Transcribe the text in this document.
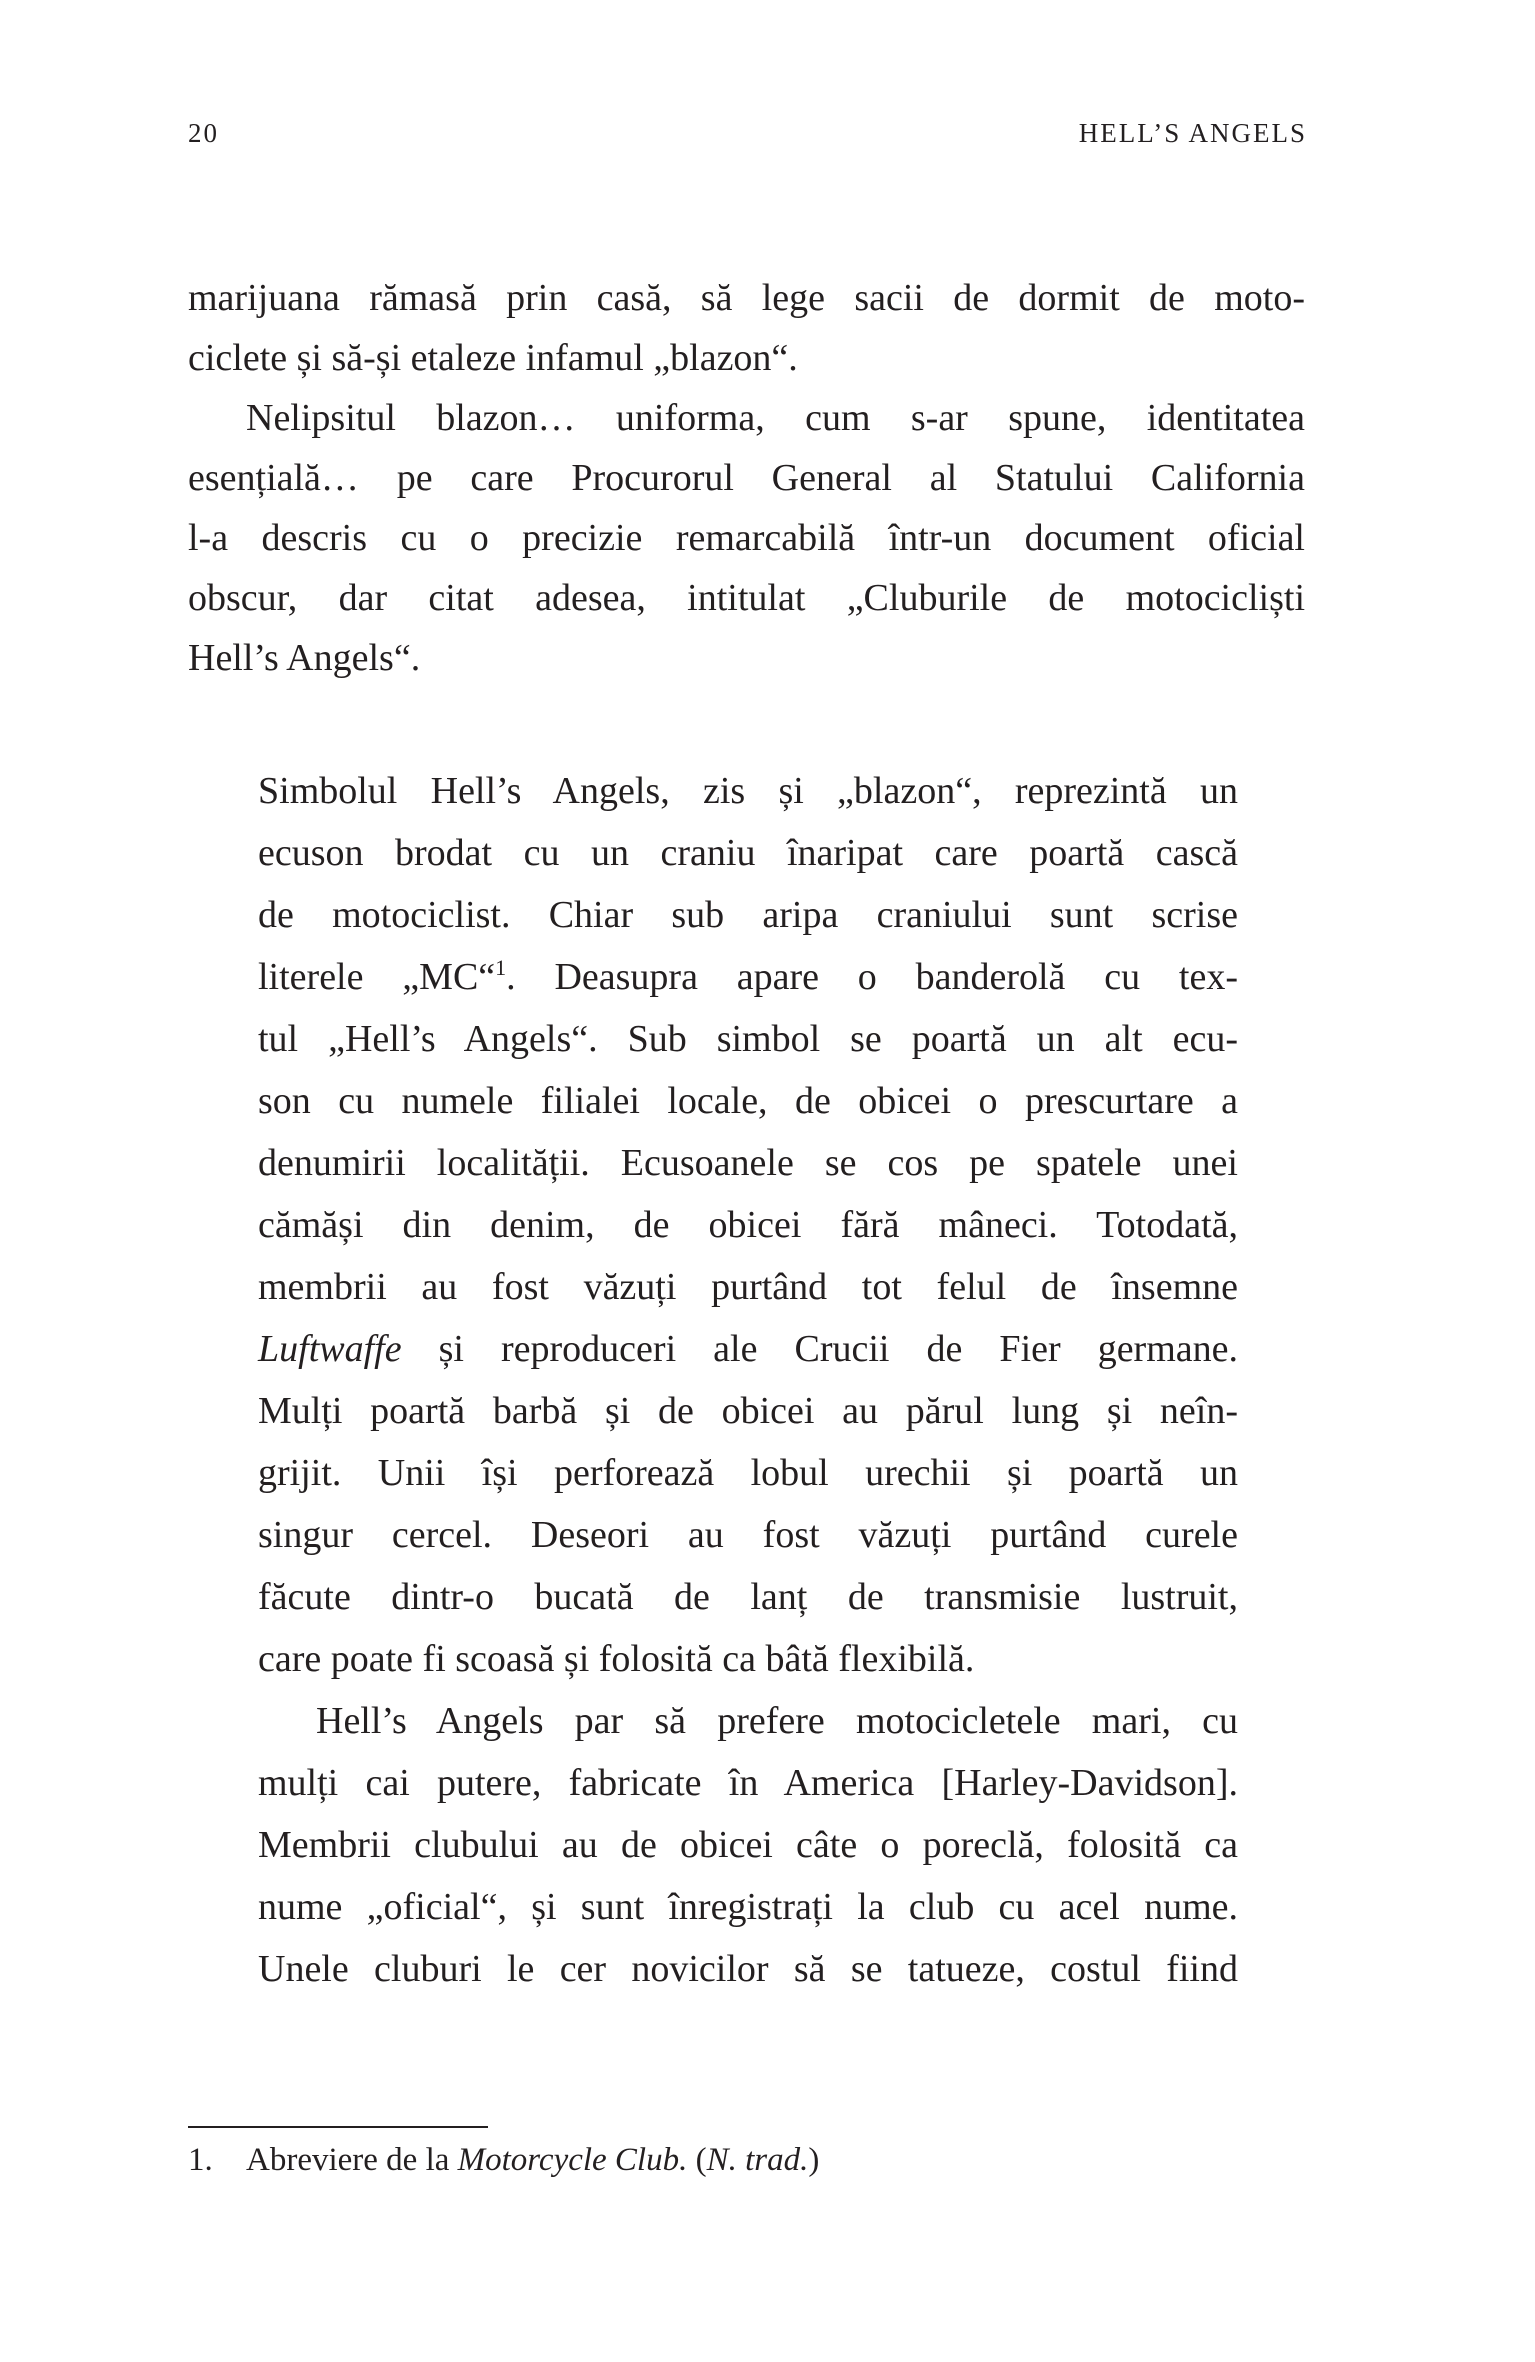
20	HELL’S ANGELS
marijuana rămasă prin casă, să lege sacii de dormit de moto-
ciclete și să-și etaleze infamul „blazon“.
Nelipsitul blazon… uniforma, cum s-ar spune, identitatea
esențială… pe care Procurorul General al Statului California
l-a descris cu o precizie remarcabilă într-un document oficial
obscur, dar citat adesea, intitulat „Cluburile de motocicliști
Hell’s Angels“.
Simbolul Hell’s Angels, zis și „blazon“, reprezintă un
ecuson brodat cu un craniu înaripat care poartă cască
de motociclist. Chiar sub aripa craniului sunt scrise
literele „MC“$^1$. Deasupra apare o banderolă cu tex-
tul „Hell’s Angels“. Sub simbol se poartă un alt ecu-
son cu numele filialei locale, de obicei o prescurtare a
denumirii localității. Ecusoanele se cos pe spatele unei
cămăși din denim, de obicei fără mâneci. Totodată,
membrii au fost văzuți purtând tot felul de însemne
Luftwaffe și reproduceri ale Crucii de Fier germane.
Mulți poartă barbă și de obicei au părul lung și neîn-
grijit. Unii își perforează lobul urechii și poartă un
singur cercel. Deseori au fost văzuți purtând curele
făcute dintr-o bucată de lanț de transmisie lustruit,
care poate fi scoasă și folosită ca bâtă flexibilă.
Hell’s Angels par să prefere motocicletele mari, cu
mulți cai putere, fabricate în America [Harley-Davidson].
Membrii clubului au de obicei câte o poreclă, folosită ca
nume „oficial“, și sunt înregistrați la club cu acel nume.
Unele cluburi le cer novicilor să se tatueze, costul fiind
1. Abreviere de la Motorcycle Club. (N. trad.)
